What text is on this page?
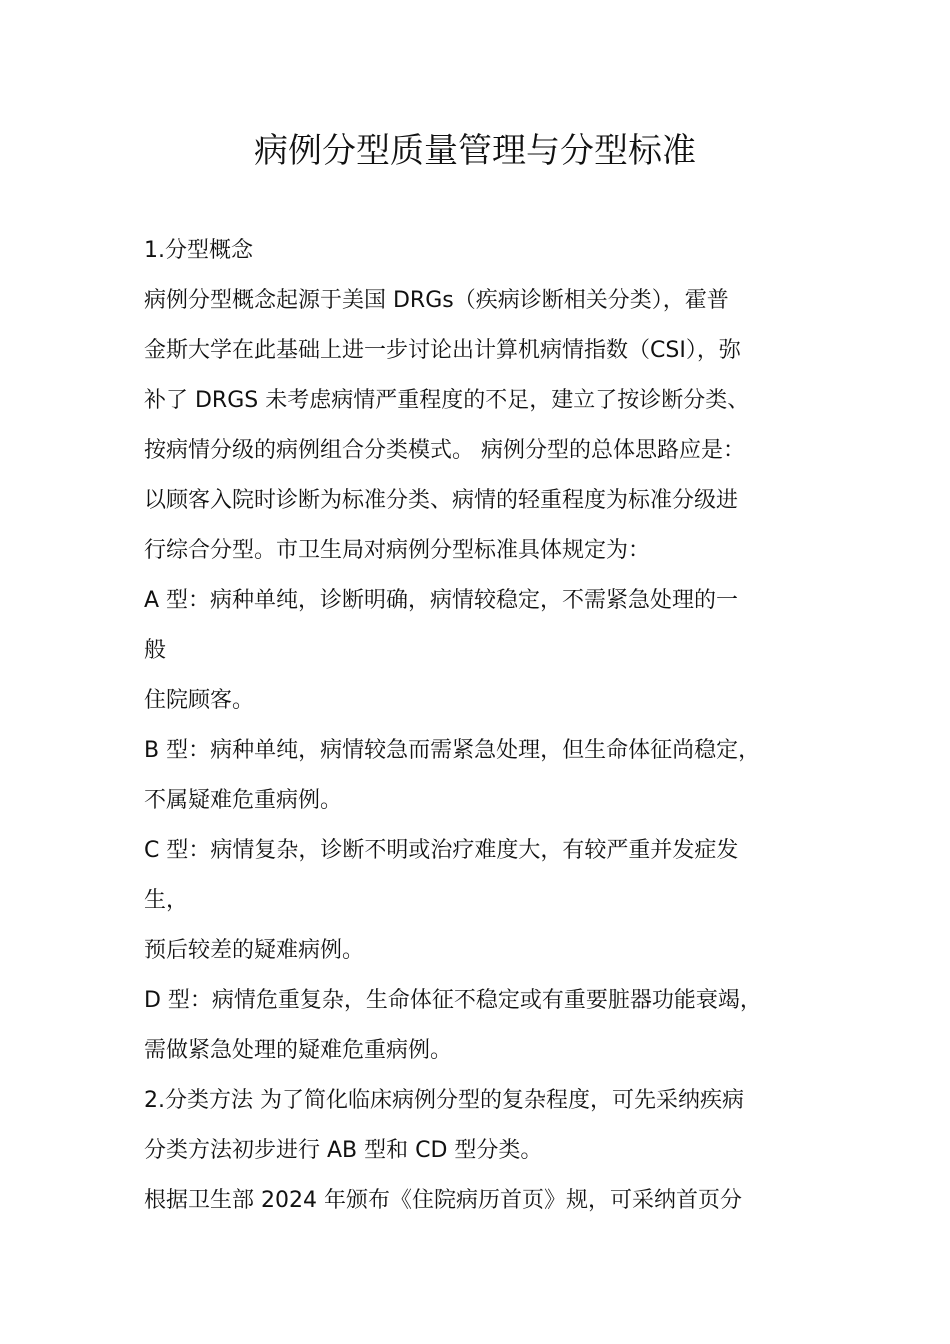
病例分型质量管理与分型标准

1.分型概念

病例分型概念起源于美国 DRGs（疾病诊断相关分类），霍普

金斯大学在此基础上进一步讨论出计算机病情指数（CSI），弥

补了 DRGS 未考虑病情严重程度的不足，建立了按诊断分类、

按病情分级的病例组合分类模式。 病例分型的总体思路应是：

以顾客入院时诊断为标准分类、病情的轻重程度为标准分级进

行综合分型。市卫生局对病例分型标准具体规定为：

A 型：病种单纯，诊断明确，病情较稳定，不需紧急处理的一

般

住院顾客。

B 型：病种单纯，病情较急而需紧急处理，但生命体征尚稳定，

不属疑难危重病例。

C 型：病情复杂，诊断不明或治疗难度大，有较严重并发症发

生，

预后较差的疑难病例。

D 型：病情危重复杂，生命体征不稳定或有重要脏器功能衰竭，

需做紧急处理的疑难危重病例。

2.分类方法 为了简化临床病例分型的复杂程度，可先采纳疾病

分类方法初步进行 AB 型和 CD 型分类。

根据卫生部 2024 年颁布《住院病历首页》规，可采纳首页分
